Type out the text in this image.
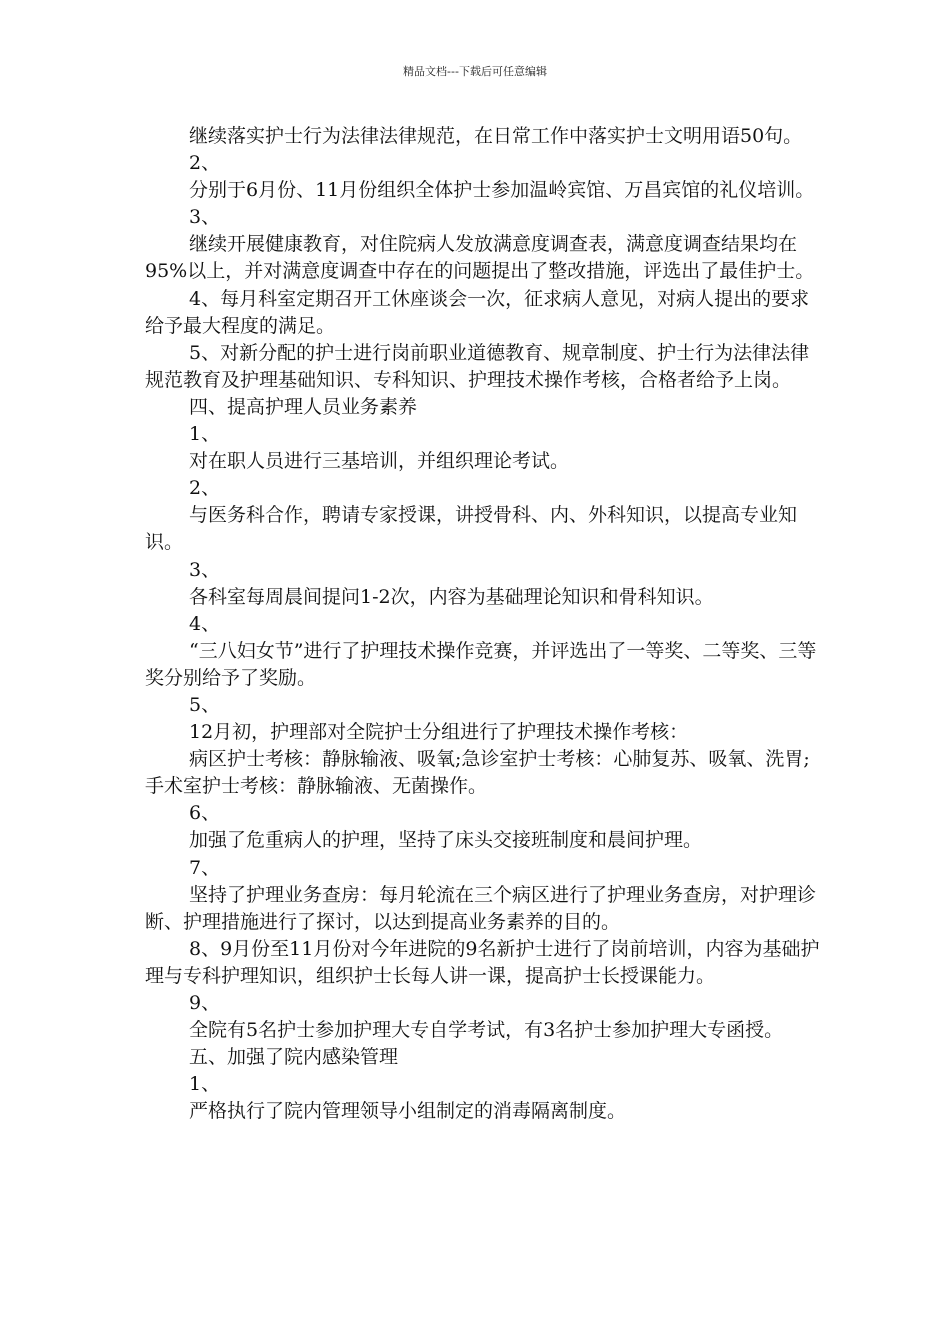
精品文档---下载后可任意编辑

继续落实护士行为法律法律规范，在日常工作中落实护士文明用语50句。

2、

分别于6月份、11月份组织全体护士参加温岭宾馆、万昌宾馆的礼仪培训。

3、

继续开展健康教育，对住院病人发放满意度调查表，满意度调查结果均在95%以上，并对满意度调查中存在的问题提出了整改措施，评选出了最佳护士。

4、每月科室定期召开工休座谈会一次，征求病人意见，对病人提出的要求给予最大程度的满足。

5、对新分配的护士进行岗前职业道德教育、规章制度、护士行为法律法律规范教育及护理基础知识、专科知识、护理技术操作考核，合格者给予上岗。

四、提高护理人员业务素养

1、

对在职人员进行三基培训，并组织理论考试。

2、

与医务科合作，聘请专家授课，讲授骨科、内、外科知识，以提高专业知识。

3、

各科室每周晨间提问1-2次，内容为基础理论知识和骨科知识。

4、

“三八妇女节”进行了护理技术操作竞赛，并评选出了一等奖、二等奖、三等奖分别给予了奖励。

5、

12月初，护理部对全院护士分组进行了护理技术操作考核：

病区护士考核：静脉输液、吸氧;急诊室护士考核：心肺复苏、吸氧、洗胃;手术室护士考核：静脉输液、无菌操作。

6、

加强了危重病人的护理，坚持了床头交接班制度和晨间护理。

7、

坚持了护理业务查房：每月轮流在三个病区进行了护理业务查房，对护理诊断、护理措施进行了探讨，以达到提高业务素养的目的。

8、9月份至11月份对今年进院的9名新护士进行了岗前培训，内容为基础护理与专科护理知识，组织护士长每人讲一课，提高护士长授课能力。

9、

全院有5名护士参加护理大专自学考试，有3名护士参加护理大专函授。

五、加强了院内感染管理

1、

严格执行了院内管理领导小组制定的消毒隔离制度。
